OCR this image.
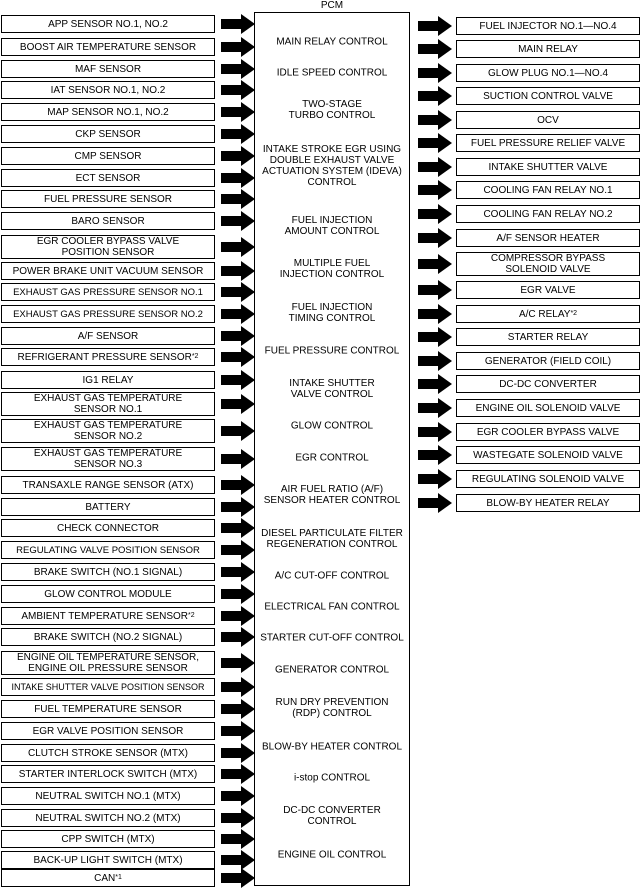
PCM
APP SENSOR NO.1, NO.2
BOOST AIR TEMPERATURE SENSOR
MAF SENSOR
IAT SENSOR NO.1, NO.2
MAP SENSOR NO.1, NO.2
CKP SENSOR
CMP SENSOR
ECT SENSOR
FUEL PRESSURE SENSOR
BARO SENSOR
EGR COOLER BYPASS VALVE
POSITION SENSOR
POWER BRAKE UNIT VACUUM SENSOR
EXHAUST GAS PRESSURE SENSOR NO.1
EXHAUST GAS PRESSURE SENSOR NO.2
A/F SENSOR
REFRIGERANT PRESSURE SENSOR *2
IG1 RELAY
EXHAUST GAS TEMPERATURE
SENSOR NO.1
EXHAUST GAS TEMPERATURE
SENSOR NO.2
EXHAUST GAS TEMPERATURE
SENSOR NO.3
TRANSAXLE RANGE SENSOR (ATX)
BATTERY
CHECK CONNECTOR
REGULATING VALVE POSITION SENSOR
BRAKE SWITCH (NO.1 SIGNAL)
GLOW CONTROL MODULE
AMBIENT TEMPERATURE SENSOR *2
BRAKE SWITCH (NO.2 SIGNAL)
ENGINE OIL TEMPERATURE SENSOR,
ENGINE OIL PRESSURE SENSOR
INTAKE SHUTTER VALVE POSITION SENSOR
FUEL TEMPERATURE SENSOR
EGR VALVE POSITION SENSOR
CLUTCH STROKE SENSOR (MTX)
STARTER INTERLOCK SWITCH (MTX)
NEUTRAL SWITCH NO.1 (MTX)
NEUTRAL SWITCH NO.2 (MTX)
CPP SWITCH (MTX)
BACK-UP LIGHT SWITCH (MTX)
CAN *1
MAIN RELAY CONTROL
IDLE SPEED CONTROL
TWO-STAGE
TURBO CONTROL
INTAKE STROKE EGR USING
DOUBLE EXHAUST VALVE
ACTUATION SYSTEM (IDEVA)
CONTROL
FUEL INJECTION
AMOUNT CONTROL
MULTIPLE FUEL
INJECTION CONTROL
FUEL INJECTION
TIMING CONTROL
FUEL PRESSURE CONTROL
INTAKE SHUTTER
VALVE CONTROL
GLOW CONTROL
EGR CONTROL
AIR FUEL RATIO (A/F)
SENSOR HEATER CONTROL
DIESEL PARTICULATE FILTER
REGENERATION CONTROL
A/C CUT-OFF CONTROL
ELECTRICAL FAN CONTROL
STARTER CUT-OFF CONTROL
GENERATOR CONTROL
RUN DRY PREVENTION
(RDP) CONTROL
BLOW-BY HEATER CONTROL
i-stop CONTROL
DC-DC CONVERTER
CONTROL
ENGINE OIL CONTROL
FUEL INJECTOR NO.1—NO.4
MAIN RELAY
GLOW PLUG NO.1—NO.4
SUCTION CONTROL VALVE
OCV
FUEL PRESSURE RELIEF VALVE
INTAKE SHUTTER VALVE
COOLING FAN RELAY NO.1
COOLING FAN RELAY NO.2
A/F SENSOR HEATER
COMPRESSOR BYPASS
SOLENOID VALVE
EGR VALVE
A/C RELAY *2
STARTER RELAY
GENERATOR (FIELD COIL)
DC-DC CONVERTER
ENGINE OIL SOLENOID VALVE
EGR COOLER BYPASS VALVE
WASTEGATE SOLENOID VALVE
REGULATING SOLENOID VALVE
BLOW-BY HEATER RELAY
